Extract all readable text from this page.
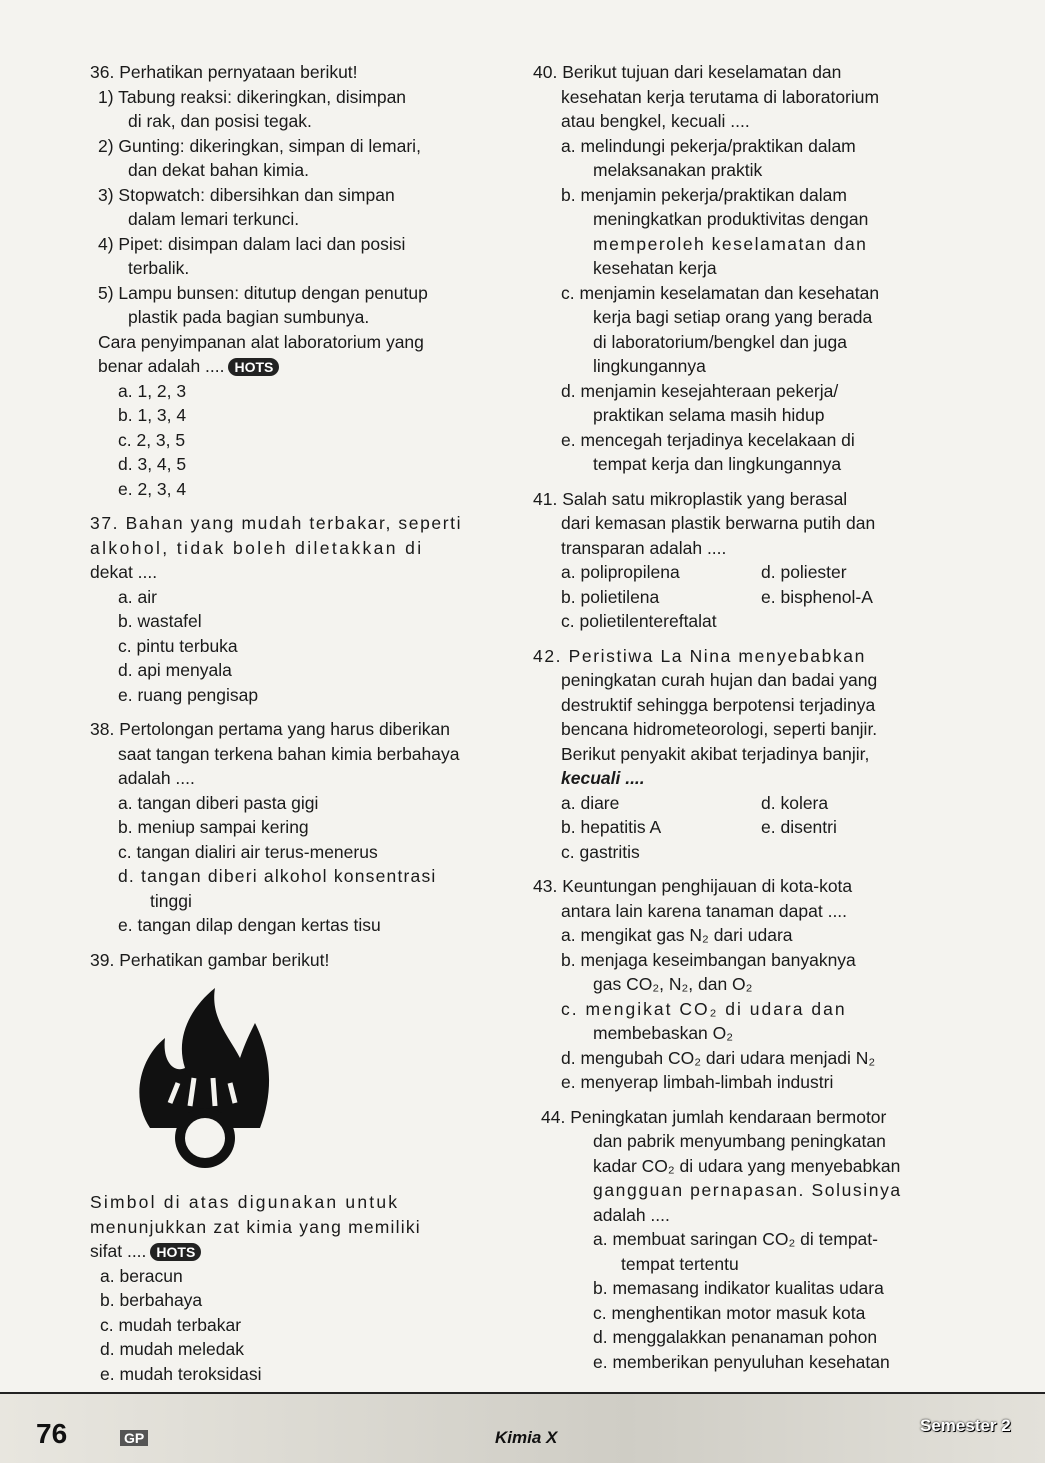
36. Perhatikan pernyataan berikut!
1) Tabung reaksi: dikeringkan, disimpan
di rak, dan posisi tegak.
2) Gunting: dikeringkan, simpan di lemari,
dan dekat bahan kimia.
3) Stopwatch: dibersihkan dan simpan
dalam lemari terkunci.
4) Pipet: disimpan dalam laci dan posisi
terbalik.
5) Lampu bunsen: ditutup dengan penutup
plastik pada bagian sumbunya.
Cara penyimpanan alat laboratorium yang
benar adalah .... HOTS
a. 1, 2, 3
b. 1, 3, 4
c. 2, 3, 5
d. 3, 4, 5
e. 2, 3, 4
37. Bahan yang mudah terbakar, seperti
alkohol, tidak boleh diletakkan di
dekat ....
a. air
b. wastafel
c. pintu terbuka
d. api menyala
e. ruang pengisap
38. Pertolongan pertama yang harus diberikan
saat tangan terkena bahan kimia berbahaya
adalah ....
a. tangan diberi pasta gigi
b. meniup sampai kering
c. tangan dialiri air terus-menerus
d. tangan diberi alkohol konsentrasi
tinggi
e. tangan dilap dengan kertas tisu
39. Perhatikan gambar berikut!
Simbol di atas digunakan untuk
menunjukkan zat kimia yang memiliki
sifat .... HOTS
a. beracun
b. berbahaya
c. mudah terbakar
d. mudah meledak
e. mudah teroksidasi
40. Berikut tujuan dari keselamatan dan
kesehatan kerja terutama di laboratorium
atau bengkel, kecuali ....
a. melindungi pekerja/praktikan dalam
melaksanakan praktik
b. menjamin pekerja/praktikan dalam
meningkatkan produktivitas dengan
memperoleh keselamatan dan
kesehatan kerja
c. menjamin keselamatan dan kesehatan
kerja bagi setiap orang yang berada
di laboratorium/bengkel dan juga
lingkungannya
d. menjamin kesejahteraan pekerja/
praktikan selama masih hidup
e. mencegah terjadinya kecelakaan di
tempat kerja dan lingkungannya
41. Salah satu mikroplastik yang berasal
dari kemasan plastik berwarna putih dan
transparan adalah ....
a. polipropilena	d. poliester
b. polietilena	e. bisphenol-A
c. polietilentereftalat
42. Peristiwa La Nina menyebabkan
peningkatan curah hujan dan badai yang
destruktif sehingga berpotensi terjadinya
bencana hidrometeorologi, seperti banjir.
Berikut penyakit akibat terjadinya banjir,
kecuali ....
a. diare	d. kolera
b. hepatitis A	e. disentri
c. gastritis
43. Keuntungan penghijauan di kota-kota
antara lain karena tanaman dapat ....
a. mengikat gas N₂ dari udara
b. menjaga keseimbangan banyaknya
gas CO₂, N₂, dan O₂
c. mengikat CO₂ di udara dan
membebaskan O₂
d. mengubah CO₂ dari udara menjadi N₂
e. menyerap limbah-limbah industri
44. Peningkatan jumlah kendaraan bermotor
dan pabrik menyumbang peningkatan
kadar CO₂ di udara yang menyebabkan
gangguan pernapasan. Solusinya
adalah ....
a. membuat saringan CO₂ di tempat-
tempat tertentu
b. memasang indikator kualitas udara
c. menghentikan motor masuk kota
d. menggalakkan penanaman pohon
e. memberikan penyuluhan kesehatan
76	GP	Kimia X
Semester 2
